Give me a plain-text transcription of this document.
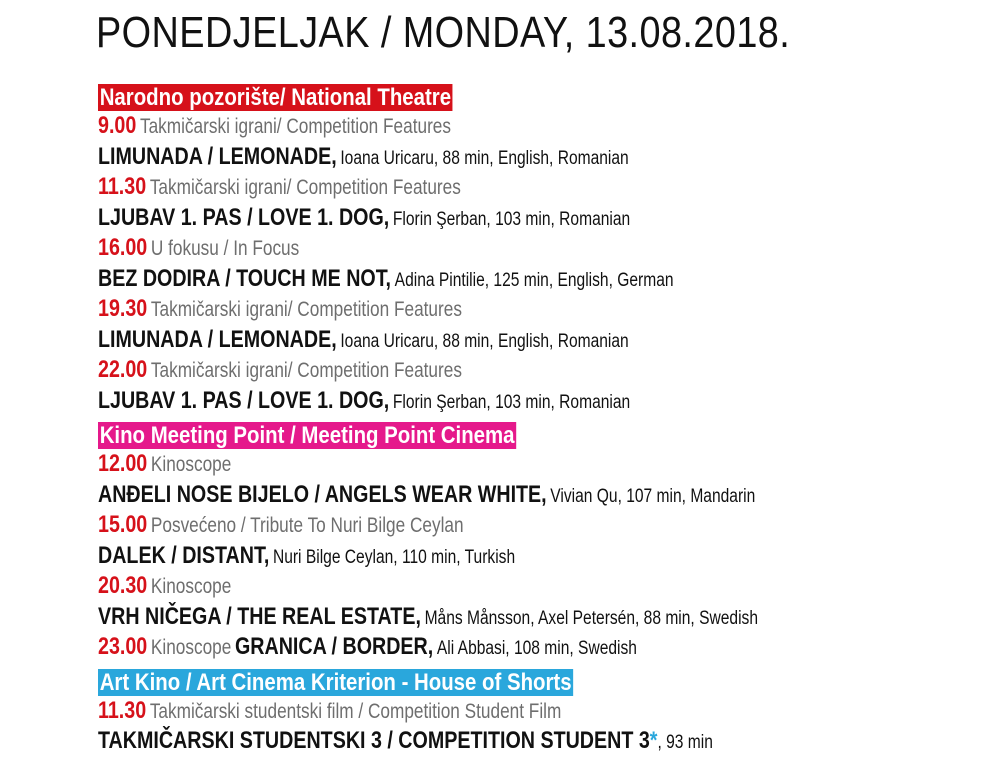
PONEDJELJAK / MONDAY, 13.08.2018.
Narodno pozorište/ National Theatre
9.00 Takmičarski igrani/ Competition Features
LIMUNADA / LEMONADE, Ioana Uricaru, 88 min, English, Romanian
11.30 Takmičarski igrani/ Competition Features
LJUBAV 1. PAS / LOVE 1. DOG, Florin Şerban, 103 min, Romanian
16.00 U fokusu / In Focus
BEZ DODIRA / TOUCH ME NOT, Adina Pintilie, 125 min, English, German
19.30 Takmičarski igrani/ Competition Features
LIMUNADA / LEMONADE, Ioana Uricaru, 88 min, English, Romanian
22.00 Takmičarski igrani/ Competition Features
LJUBAV 1. PAS / LOVE 1. DOG, Florin Şerban, 103 min, Romanian
Kino Meeting Point / Meeting Point Cinema
12.00 Kinoscope
ANĐELI NOSE BIJELO / ANGELS WEAR WHITE, Vivian Qu, 107 min, Mandarin
15.00 Posvećeno / Tribute To Nuri Bilge Ceylan
DALEK / DISTANT, Nuri Bilge Ceylan, 110 min, Turkish
20.30 Kinoscope
VRH NIČEGA / THE REAL ESTATE, Måns Månsson, Axel Petersén, 88 min, Swedish
23.00 Kinoscope GRANICA / BORDER, Ali Abbasi, 108 min, Swedish
Art Kino / Art Cinema Kriterion - House of Shorts
11.30 Takmičarski studentski film / Competition Student Film
TAKMIČARSKI STUDENTSKI 3 / COMPETITION STUDENT 3*, 93 min
